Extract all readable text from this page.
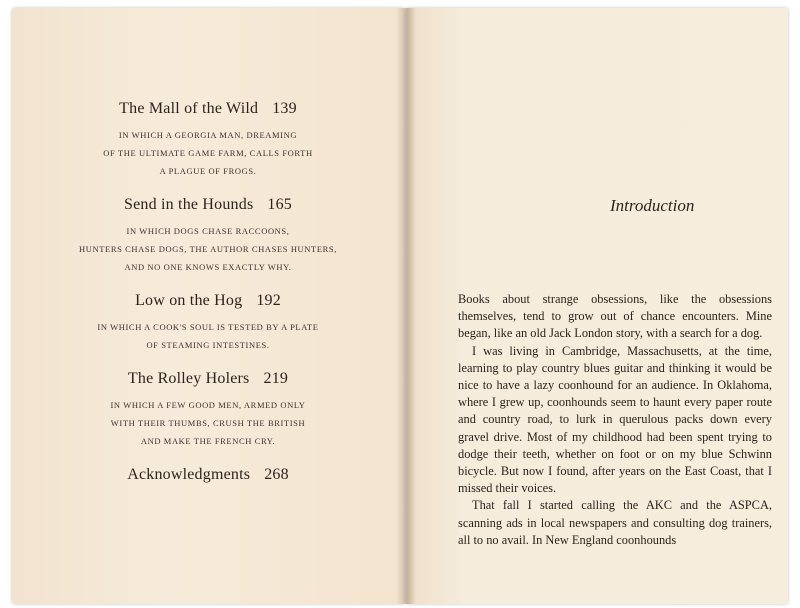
The Mall of the Wild 139
IN WHICH A GEORGIA MAN, DREAMING
OF THE ULTIMATE GAME FARM, CALLS FORTH
A PLAGUE OF FROGS.
Send in the Hounds 165
IN WHICH DOGS CHASE RACCOONS,
HUNTERS CHASE DOGS, THE AUTHOR CHASES HUNTERS,
AND NO ONE KNOWS EXACTLY WHY.
Low on the Hog 192
IN WHICH A COOK'S SOUL IS TESTED BY A PLATE
OF STEAMING INTESTINES.
The Rolley Holers 219
IN WHICH A FEW GOOD MEN, ARMED ONLY
WITH THEIR THUMBS, CRUSH THE BRITISH
AND MAKE THE FRENCH CRY.
Acknowledgments 268
Introduction

Books about strange obsessions, like the obsessions themselves, tend to grow out of chance encounters. Mine began, like an old Jack London story, with a search for a dog.

I was living in Cambridge, Massachusetts, at the time, learning to play country blues guitar and thinking it would be nice to have a lazy coonhound for an audience. In Oklahoma, where I grew up, coonhounds seem to haunt every paper route and country road, to lurk in querulous packs down every gravel drive. Most of my childhood had been spent trying to dodge their teeth, whether on foot or on my blue Schwinn bicycle. But now I found, after years on the East Coast, that I missed their voices.

That fall I started calling the AKC and the ASPCA, scanning ads in local newspapers and consulting dog trainers, all to no avail. In New England coonhounds
